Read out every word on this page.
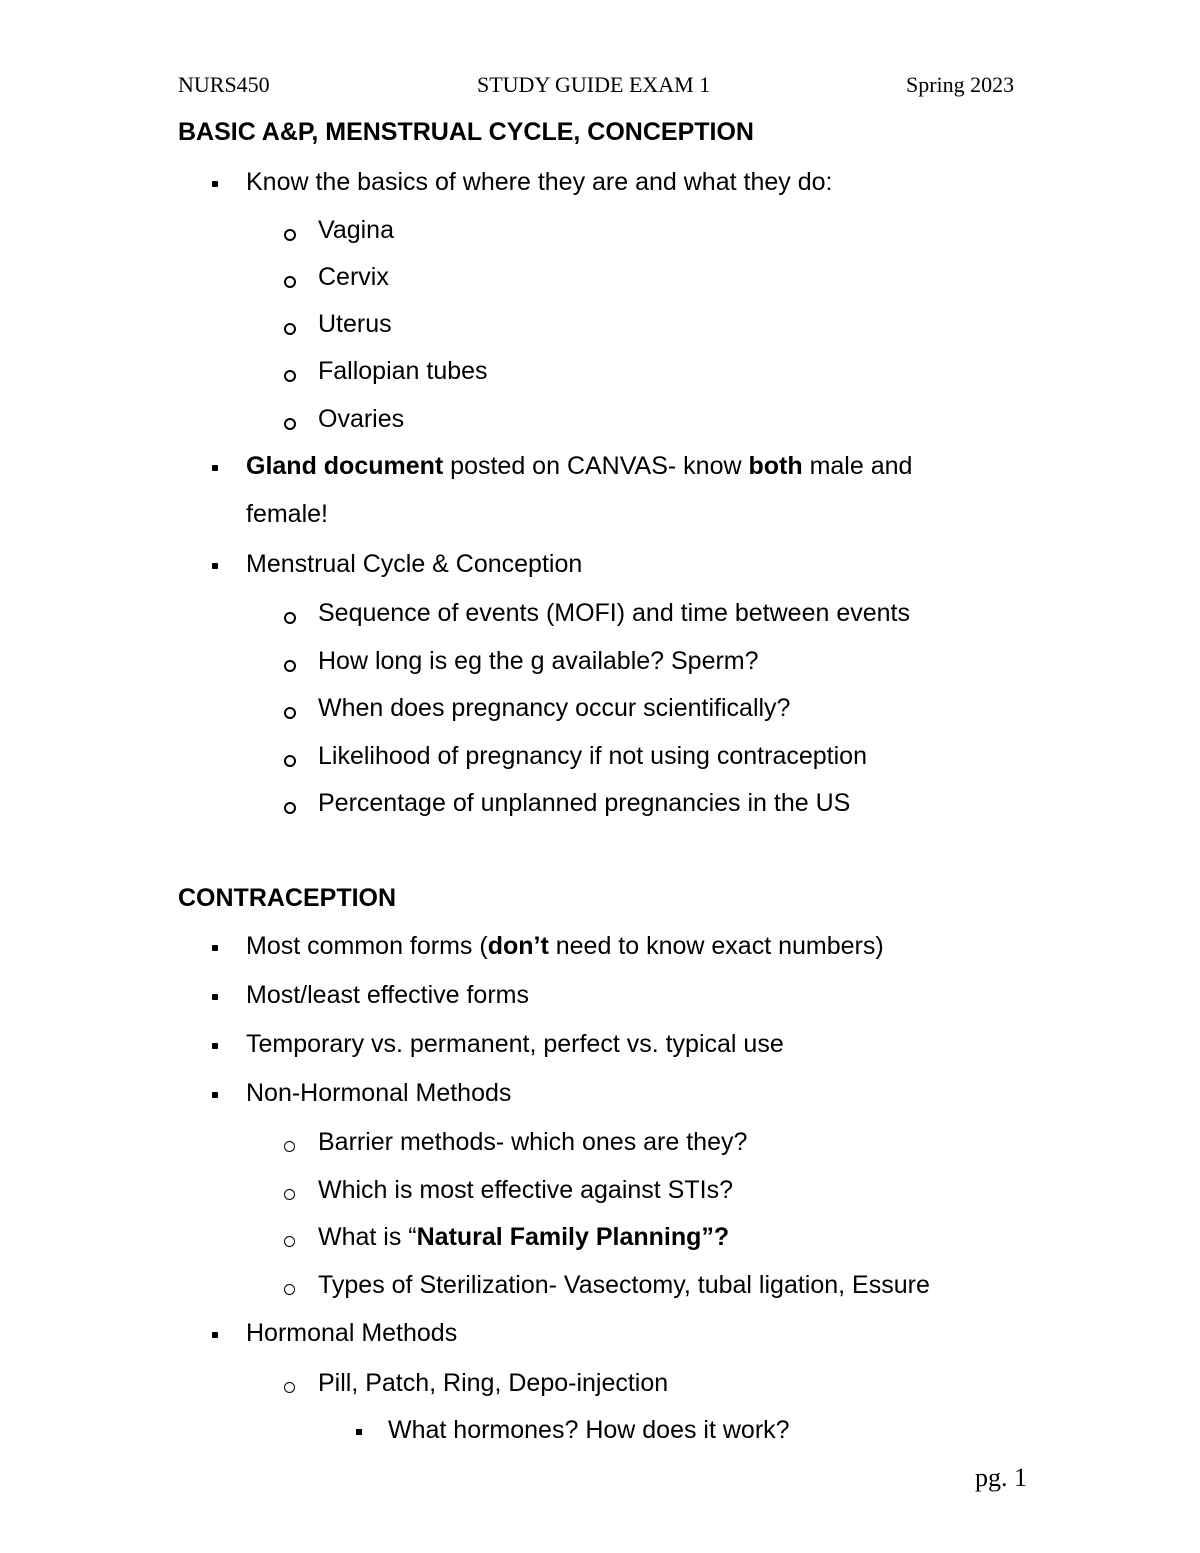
NURS450	STUDY GUIDE EXAM 1	Spring 2023
BASIC A&P, MENSTRUAL CYCLE, CONCEPTION
Know the basics of where they are and what they do:
Vagina
Cervix
Uterus
Fallopian tubes
Ovaries
Gland document posted on CANVAS- know both male and
female!
Menstrual Cycle & Conception
Sequence of events (MOFI) and time between events
How long is eg the g available? Sperm?
When does pregnancy occur scientifically?
Likelihood of pregnancy if not using contraception
Percentage of unplanned pregnancies in the US
CONTRACEPTION
Most common forms (don’t need to know exact numbers)
Most/least effective forms
Temporary vs. permanent, perfect vs. typical use
Non-Hormonal Methods
Barrier methods- which ones are they?
Which is most effective against STIs?
What is “Natural Family Planning”?
Types of Sterilization- Vasectomy, tubal ligation, Essure
Hormonal Methods
Pill, Patch, Ring, Depo-injection
What hormones? How does it work?
pg. 1
